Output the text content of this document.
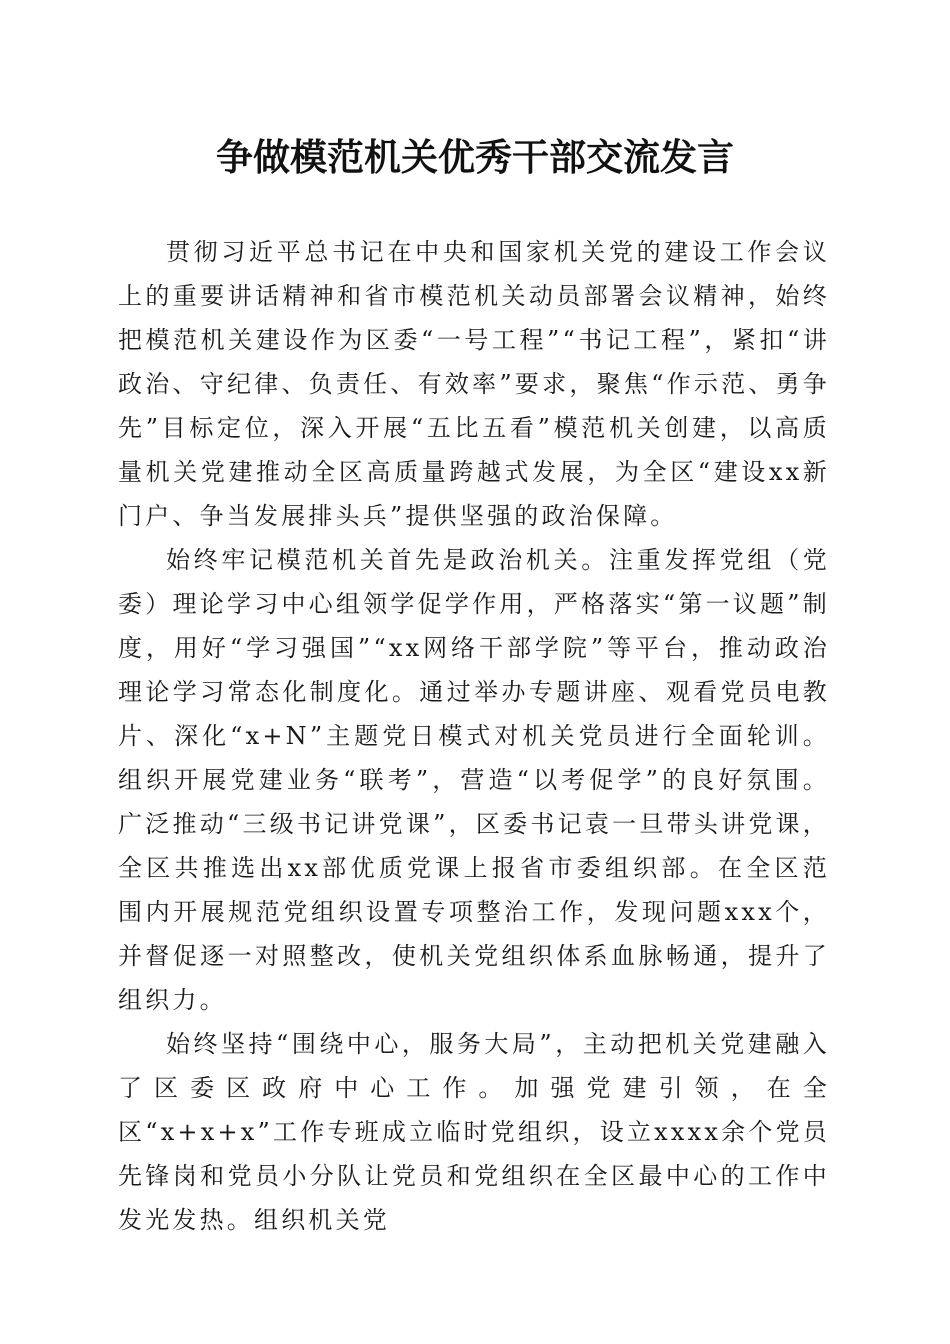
争做模范机关优秀干部交流发言

贯彻习近平总书记在中央和国家机关党的建设工作会议上的重要讲话精神和省市模范机关动员部署会议精神，始终把模范机关建设作为区委“一号工程”“书记工程”，紧扣“讲政治、守纪律、负责任、有效率”要求，聚焦“作示范、勇争先”目标定位，深入开展“五比五看”模范机关创建，以高质量机关党建推动全区高质量跨越式发展，为全区“建设xx新门户、争当发展排头兵”提供坚强的政治保障。

始终牢记模范机关首先是政治机关。注重发挥党组（党委）理论学习中心组领学促学作用，严格落实“第一议题”制度，用好“学习强国”“xx网络干部学院”等平台，推动政治理论学习常态化制度化。通过举办专题讲座、观看党员电教片、深化“x+N”主题党日模式对机关党员进行全面轮训。组织开展党建业务“联考”，营造“以考促学”的良好氛围。广泛推动“三级书记讲党课”，区委书记袁一旦带头讲党课，全区共推选出xx部优质党课上报省市委组织部。在全区范围内开展规范党组织设置专项整治工作，发现问题xxx个，并督促逐一对照整改，使机关党组织体系血脉畅通，提升了组织力。

始终坚持“围绕中心，服务大局”，主动把机关党建融入了区委区政府中心工作。加强党建引领，在全区“x+x+x”工作专班成立临时党组织，设立xxxx余个党员先锋岗和党员小分队让党员和党组织在全区最中心的工作中发光发热。组织机关党
